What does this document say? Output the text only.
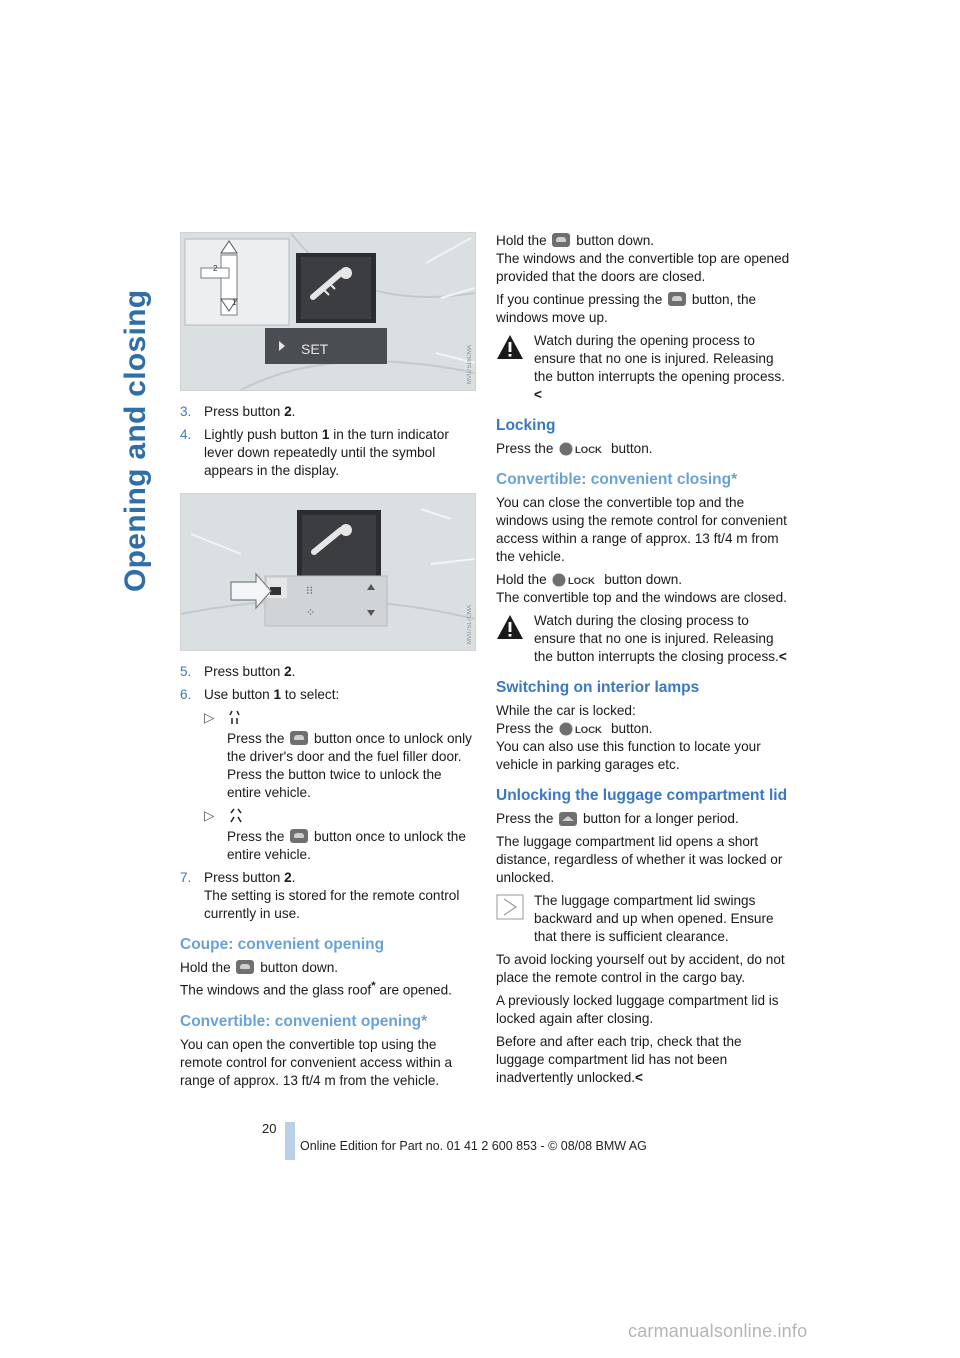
Opening and closing
2
1
SET	MV07516CMA
3. Press button 2.
4. Lightly push button 1 in the turn indicator lever down repeatedly until the symbol appears in the display.
⁝⁝
⁘	MV07517CMA
5. Press button 2.
6. Use button 1 to select:
▷

Press the button once to unlock only the driver's door and the fuel filler door. Press the button twice to unlock the entire vehicle.
▷

Press the button once to unlock the entire vehicle.
7. Press button 2.
The setting is stored for the remote control currently in use.
Coupe: convenient opening

Hold the button down.
The windows and the glass roof* are opened.

Convertible: convenient opening*

You can open the convertible top using the remote control for convenient access within a range of approx. 13 ft/4 m from the vehicle.

Hold the button down.
The windows and the convertible top are opened provided that the doors are closed.

If you continue pressing the button, the windows move up.

Watch during the opening process to ensure that no one is injured. Releasing the button interrupts the opening process.<
Locking

Press the LOCK button.

Convertible: convenient closing*

You can close the convertible top and the windows using the remote control for convenient access within a range of approx. 13 ft/4 m from the vehicle.

Hold the LOCK button down.
The convertible top and the windows are closed.

Watch during the closing process to ensure that no one is injured. Releasing the button interrupts the closing process.<
Switching on interior lamps

While the car is locked:
Press the LOCK button.
You can also use this function to locate your vehicle in parking garages etc.

Unlocking the luggage compartment lid

Press the button for a longer period.

The luggage compartment lid opens a short distance, regardless of whether it was locked or unlocked.

The luggage compartment lid swings backward and up when opened. Ensure that there is sufficient clearance.

To avoid locking yourself out by accident, do not place the remote control in the cargo bay.

A previously locked luggage compartment lid is locked again after closing.

Before and after each trip, check that the luggage compartment lid has not been inadvertently unlocked.<

20
Online Edition for Part no. 01 41 2 600 853 - © 08/08 BMW AG
carmanualsonline.info
